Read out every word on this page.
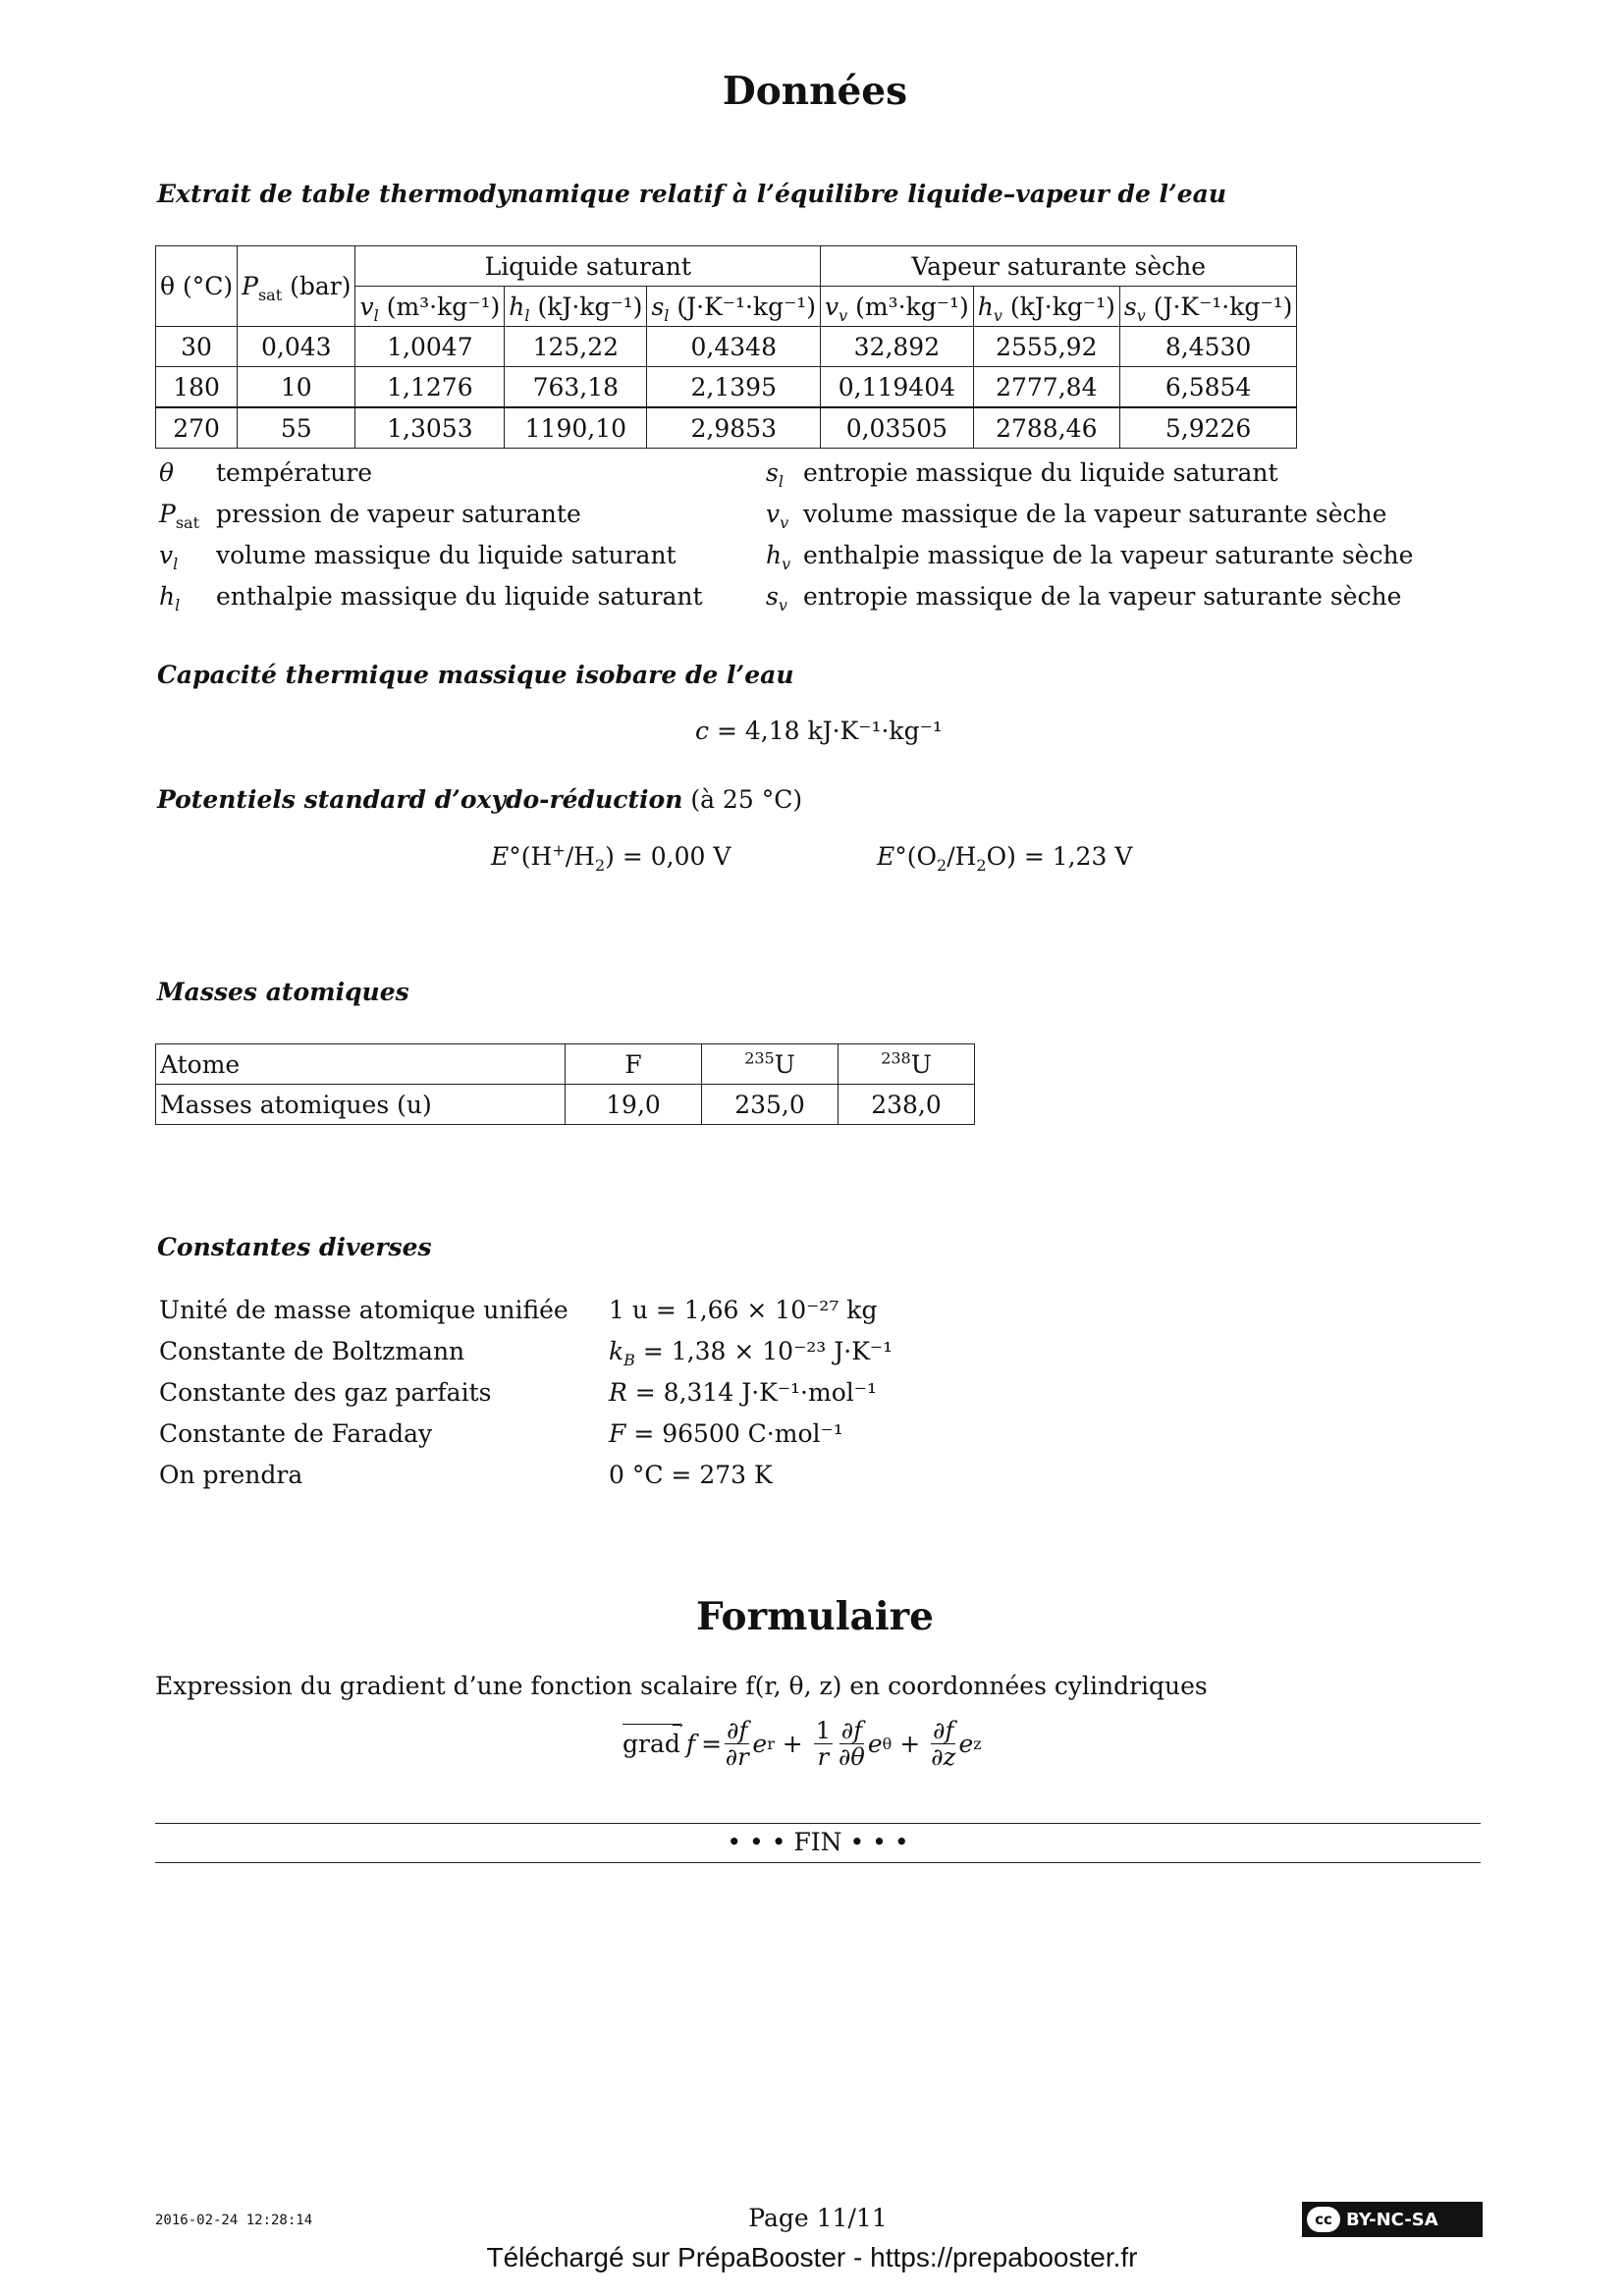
Données
Extrait de table thermodynamique relatif à l’équilibre liquide–vapeur de l’eau
θ (°C)	$P_{sat}$ (bar)	Liquide saturant			Vapeur saturante sèche		
		$v_l$ (m³·kg⁻¹)	$h_l$ (kJ·kg⁻¹)	$s_l$ (J·K⁻¹·kg⁻¹)	$v_v$ (m³·kg⁻¹)	$h_v$ (kJ·kg⁻¹)	$s_v$ (J·K⁻¹·kg⁻¹)
30	0,043	1,0047	125,22	0,4348	32,892	2555,92	8,4530
180	10	1,1276	763,18	2,1395	0,119404	2777,84	6,5854
270	55	1,3053	1190,10	2,9853	0,03505	2788,46	5,9226
θ température
$P_{sat}$ pression de vapeur saturante
$v_l$ volume massique du liquide saturant
$h_l$ enthalpie massique du liquide saturant
$s_l$ entropie massique du liquide saturant
$v_v$ volume massique de la vapeur saturante sèche
$h_v$ enthalpie massique de la vapeur saturante sèche
$s_v$ entropie massique de la vapeur saturante sèche
Capacité thermique massique isobare de l’eau
c = 4,18 kJ·K⁻¹·kg⁻¹
Potentiels standard d’oxydo-réduction (à 25 °C)
$E^\circ(H^+/H_2) = 0,00$ V	$E^\circ(O_2/H_2O) = 1,23$ V
Masses atomiques
Atome	F	$^{235}$U	$^{238}$U
Masses atomiques (u)	19,0	235,0	238,0
Constantes diverses
Unité de masse atomique unifiée 1 u = 1,66 × 10⁻²⁷ kg
Constante de Boltzmann	$k_B = 1,38 \times 10^{-23}$ J·K⁻¹
Constante des gaz parfaits	R = 8,314 J·K⁻¹·mol⁻¹
Constante de Faraday	F = 96500 C·mol⁻¹
On prendra	0 °C = 273 K
Formulaire
Expression du gradient d’une fonction scalaire f(r, θ, z) en coordonnées cylindriques
grad
→
$f = \frac{\partial f}{\partial r}$ e $r + \frac{1}{r} \frac{\partial f}{\partial\theta}$ e $\theta + \frac{\partial f}{\partial z}$ e z
• • • FIN • • •
2016-02-24 12:28:14	Page 11/11	cc BY-NC-SA
Téléchargé sur PrépaBooster - https://prepabooster.fr
